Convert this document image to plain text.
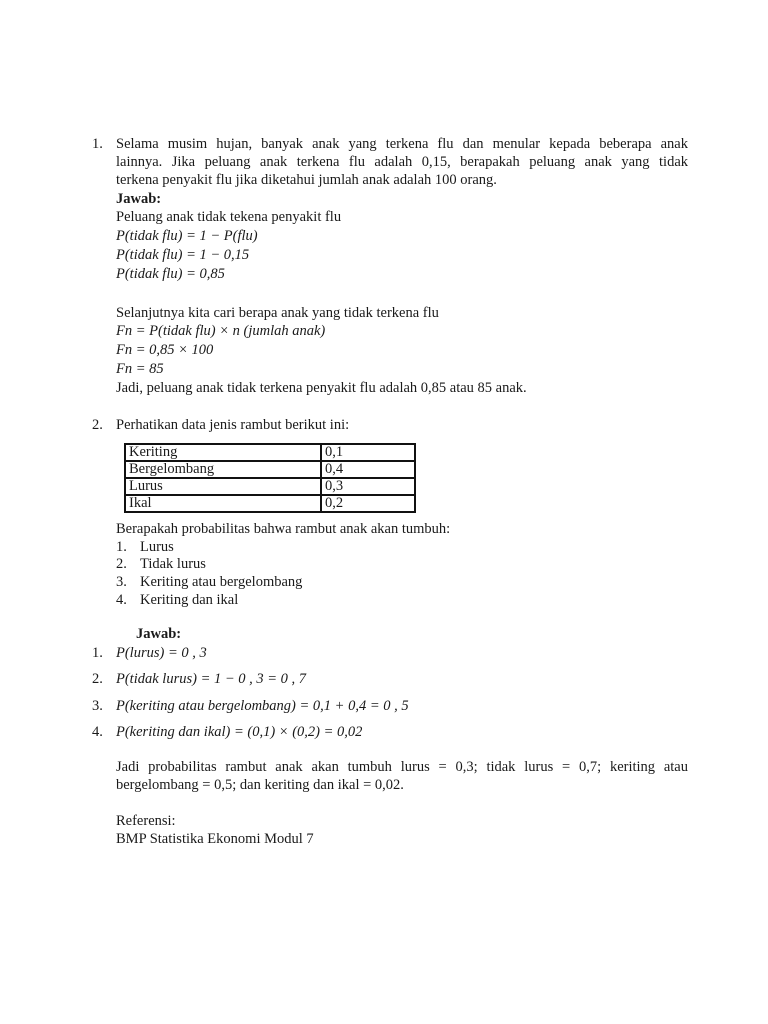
1. Selama musim hujan, banyak anak yang terkena flu dan menular kepada beberapa anak
lainnya. Jika peluang anak terkena flu adalah 0,15, berapakah peluang anak yang tidak
terkena penyakit flu jika diketahui jumlah anak adalah 100 orang.
Jawab:
Peluang anak tidak tekena penyakit flu
P(tidak flu) = 1 − P(flu)
P(tidak flu) = 1 − 0,15
P(tidak flu) = 0,85
Selanjutnya kita cari berapa anak yang tidak terkena flu
Fn = P(tidak flu) × n (jumlah anak)
Fn = 0,85 × 100
Fn = 85
Jadi, peluang anak tidak terkena penyakit flu adalah 0,85 atau 85 anak.
2. Perhatikan data jenis rambut berikut ini:
Keriting	0,1
Bergelombang	0,4
Lurus	0,3
Ikal	0,2
Berapakah probabilitas bahwa rambut anak akan tumbuh:
1. Lurus
2. Tidak lurus
3. Keriting atau bergelombang
4. Keriting dan ikal
Jawab:
1. P(lurus) = 0 , 3
2. P(tidak lurus) = 1 − 0 , 3 = 0 , 7
3. P(keriting atau bergelombang) = 0,1 + 0,4 = 0 , 5
4. P(keriting dan ikal) = (0,1) × (0,2) = 0,02
Jadi probabilitas rambut anak akan tumbuh lurus = 0,3; tidak lurus = 0,7; keriting atau
bergelombang = 0,5; dan keriting dan ikal = 0,02.
Referensi:
BMP Statistika Ekonomi Modul 7
